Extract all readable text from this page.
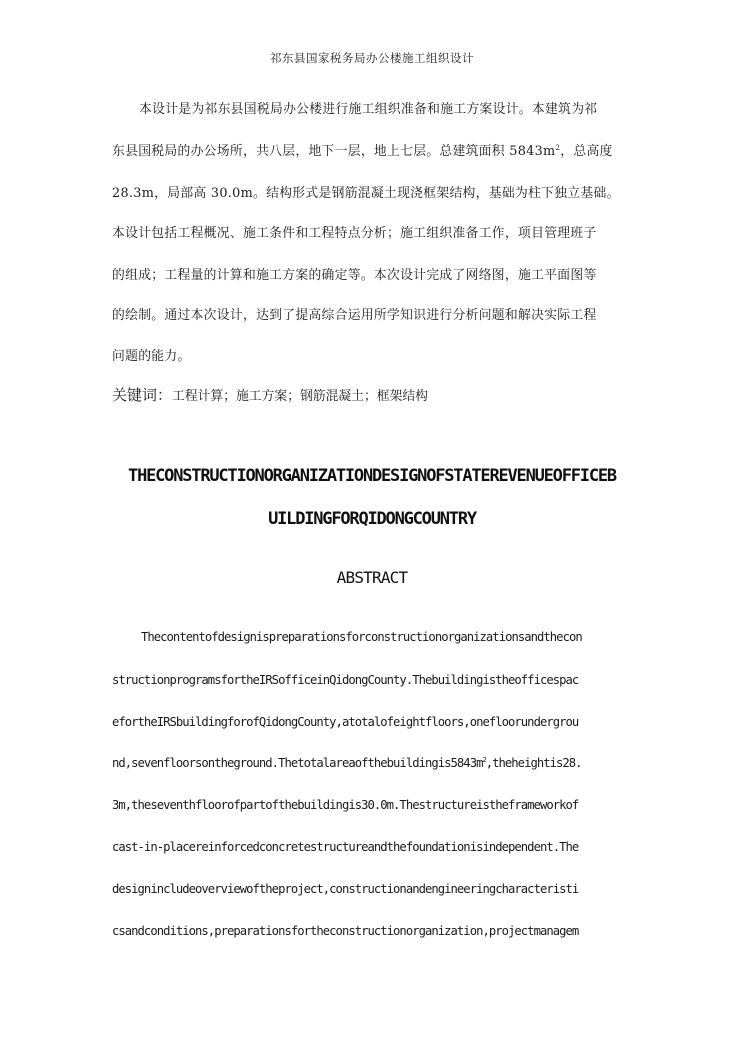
祁东县国家税务局办公楼施工组织设计
本设计是为祁东县国税局办公楼进行施工组织准备和施工方案设计。本建筑为祁
东县国税局的办公场所，共八层，地下一层，地上七层。总建筑面积 $5843m^2$，总高度
28.3m，局部高 30.0m。结构形式是钢筋混凝土现浇框架结构，基础为柱下独立基础。
本设计包括工程概况、施工条件和工程特点分析；施工组织准备工作，项目管理班子
的组成；工程量的计算和施工方案的确定等。本次设计完成了网络图，施工平面图等
的绘制。通过本次设计，达到了提高综合运用所学知识进行分析问题和解决实际工程
问题的能力。
关键词：工程计算；施工方案；钢筋混凝土；框架结构
THECONSTRUCTIONORGANIZATIONDESIGNOFSTATEREVENUEOFFICEB
UILDINGFORQIDONGCOUNTRY
ABSTRACT
Thecontentofdesignispreparationsforconstructionorganizationsandthecon
structionprogramsfortheIRSofficeinQidongCounty.Thebuildingistheofficespac
efortheIRSbuildingforofQidongCounty,atotalofeightfloors,onefloorundergrou
$nd,sevenfloorsontheground.Thetotalareaofthebuildingis5843m^2,theheightis28$.
3m,theseventhfloorofpartofthebuildingis30.0m.Thestructureistheframeworkof
cast-in-placereinforcedconcretestructureandthefoundationisindependent.The
designincludeoverviewoftheproject,constructionandengineeringcharacteristi
csandconditions,preparationsfortheconstructionorganization,projectmanagem
